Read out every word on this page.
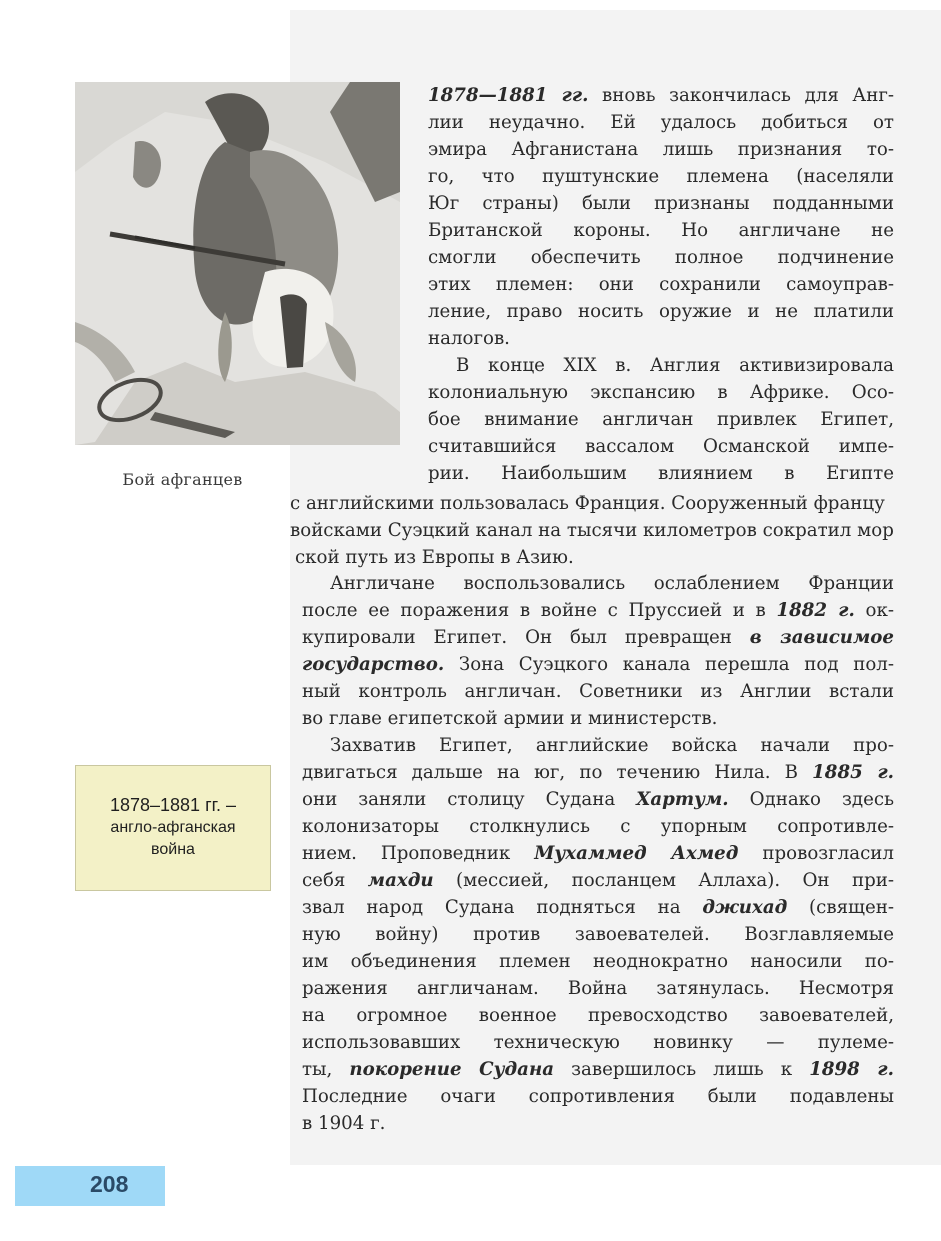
Бой афганцев
1878–1881 гг. –
англо-афганская война
1878—1881 гг. вновь закончилась для Анг-
лии неудачно. Ей удалось добиться от
эмира Афганистана лишь признания то-
го, что пуштунские племена (населяли
Юг страны) были признаны подданными
Британской короны. Но англичане не
смогли обеспечить полное подчинение
этих племен: они сохранили самоуправ-
ление, право носить оружие и не платили
налогов.
В конце XIX в. Англия активизировала
колониальную экспансию в Африке. Осо-
бое внимание англичан привлек Египет,
считавшийся вассалом Османской импе-
рии. Наибольшим влиянием в Египте
с английскими пользовалась Франция. Сооруженный францу
войсками Суэцкий канал на тысячи километров сократил мор
ской путь из Европы в Азию.
Англичане воспользовались ослаблением Франции
после ее поражения в войне с Пруссией и в 1882 г. ок-
купировали Египет. Он был превращен в зависимое
государство. Зона Суэцкого канала перешла под пол-
ный контроль англичан. Советники из Англии встали
во главе египетской армии и министерств.
Захватив Египет, английские войска начали про-
двигаться дальше на юг, по течению Нила. В 1885 г.
они заняли столицу Судана Хартум. Однако здесь
колонизаторы столкнулись с упорным сопротивле-
нием. Проповедник Мухаммед Ахмед провозгласил
себя махди (мессией, посланцем Аллаха). Он при-
звал народ Судана подняться на джихад (священ-
ную войну) против завоевателей. Возглавляемые
им объединения племен неоднократно наносили по-
ражения англичанам. Война затянулась. Несмотря
на огромное военное превосходство завоевателей,
использовавших техническую новинку — пулеме-
ты, покорение Судана завершилось лишь к 1898 г.
Последние очаги сопротивления были подавлены
в 1904 г.
208
